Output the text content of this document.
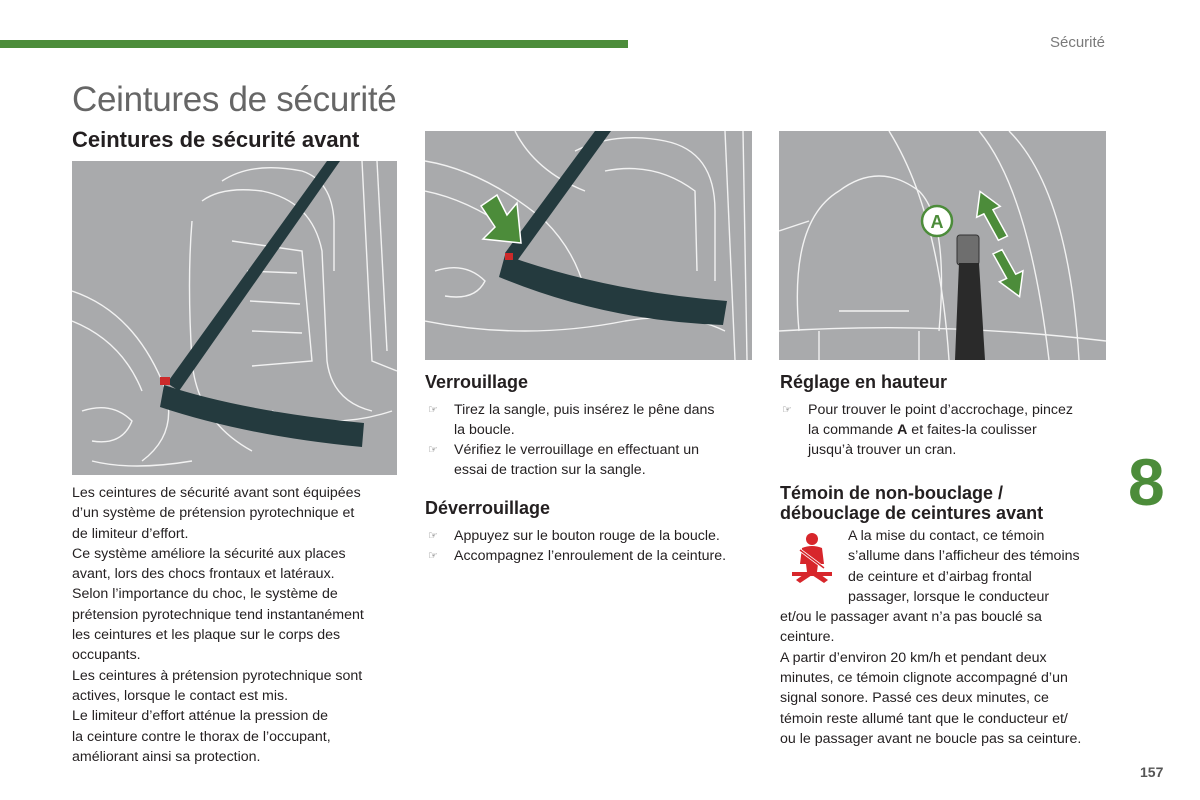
Sécurité
Ceintures de sécurité
Ceintures de sécurité avant
A

Les ceintures de sécurité avant sont équipées

d’un système de prétension pyrotechnique et

de limiteur d’effort.

Ce système améliore la sécurité aux places

avant, lors des chocs frontaux et latéraux.

Selon l’importance du choc, le système de

prétension pyrotechnique tend instantanément

les ceintures et les plaque sur le corps des

occupants.

Les ceintures à prétension pyrotechnique sont

actives, lorsque le contact est mis.

Le limiteur d’effort atténue la pression de

la ceinture contre le thorax de l’occupant,

améliorant ainsi sa protection.

Verrouillage
☞ Tirez la sangle, puis insérez le pêne dans
la boucle.
☞ Vérifiez le verrouillage en effectuant un
essai de traction sur la sangle.
Déverrouillage
☞ Appuyez sur le bouton rouge de la boucle.
☞ Accompagnez l’enroulement de la ceinture.
Réglage en hauteur
☞ Pour trouver le point d’accrochage, pincez
la commande A et faites-la coulisser
jusqu’à trouver un cran.
Témoin de non-bouclage /
débouclage de ceintures avant

A la mise du contact, ce témoin

s’allume dans l’afficheur des témoins

de ceinture et d’airbag frontal

passager, lorsque le conducteur

et/ou le passager avant n’a pas bouclé sa

ceinture.

A partir d’environ 20 km/h et pendant deux

minutes, ce témoin clignote accompagné d’un

signal sonore. Passé ces deux minutes, ce

témoin reste allumé tant que le conducteur et/

ou le passager avant ne boucle pas sa ceinture.

8
157
